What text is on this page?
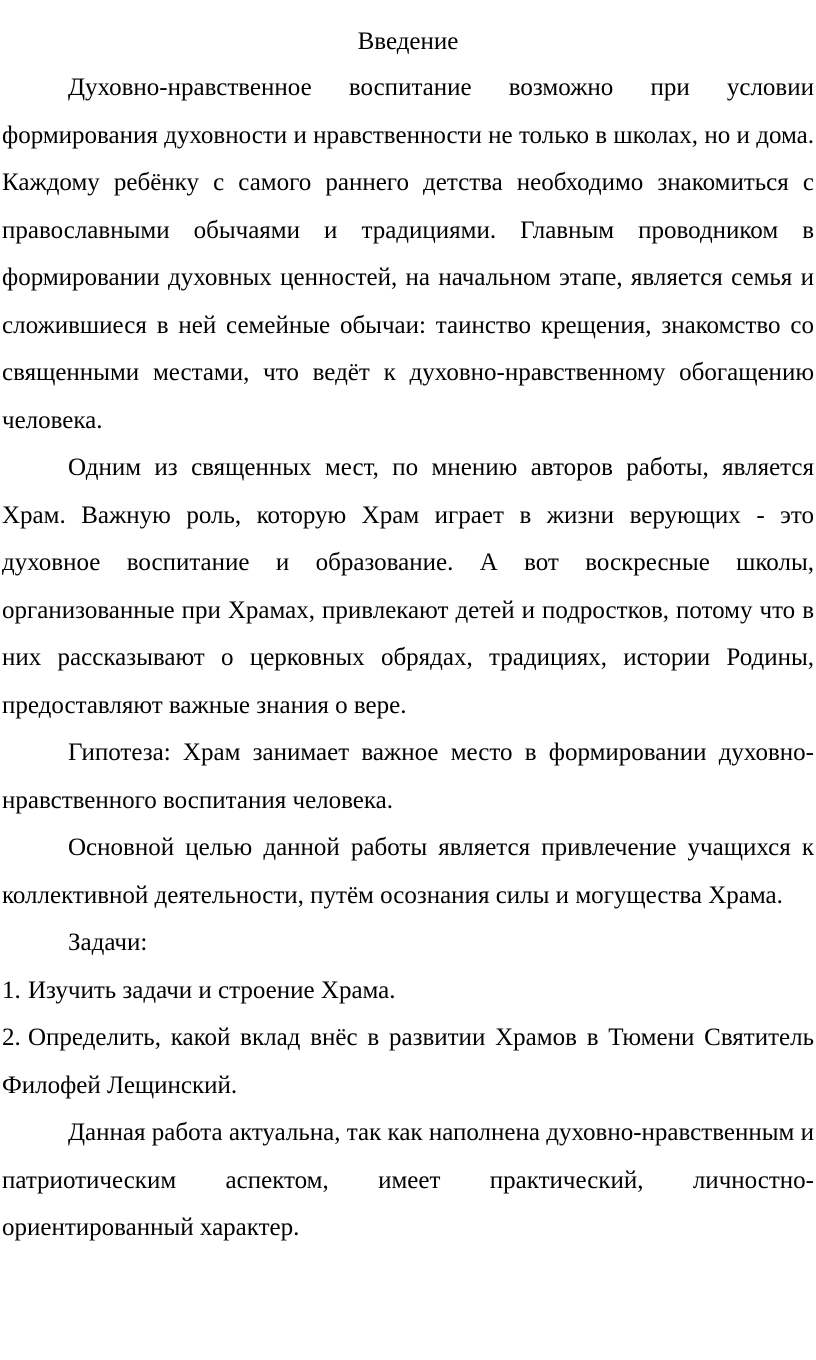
Введение

Духовно-нравственное воспитание возможно при условии формирования духовности и нравственности не только в школах, но и дома. Каждому ребёнку с самого раннего детства необходимо знакомиться с православными обычаями и традициями. Главным проводником в формировании духовных ценностей, на начальном этапе, является семья и сложившиеся в ней семейные обычаи: таинство крещения, знакомство со священными местами, что ведёт к духовно-нравственному обогащению человека.

Одним из священных мест, по мнению авторов работы, является Храм. Важную роль, которую Храм играет в жизни верующих - это духовное воспитание и образование. А вот воскресные школы, организованные при Храмах, привлекают детей и подростков, потому что в них рассказывают о церковных обрядах, традициях, истории Родины, предоставляют важные знания о вере.

Гипотеза: Храм занимает важное место в формировании духовно-нравственного воспитания человека.

Основной целью данной работы является привлечение учащихся к коллективной деятельности, путём осознания силы и могущества Храма.

Задачи:

1. Изучить задачи и строение Храма.

2. Определить, какой вклад внёс в развитии Храмов в Тюмени Святитель Филофей Лещинский.

Данная работа актуальна, так как наполнена духовно-нравственным и патриотическим аспектом, имеет практический, личностно-ориентированный характер.
